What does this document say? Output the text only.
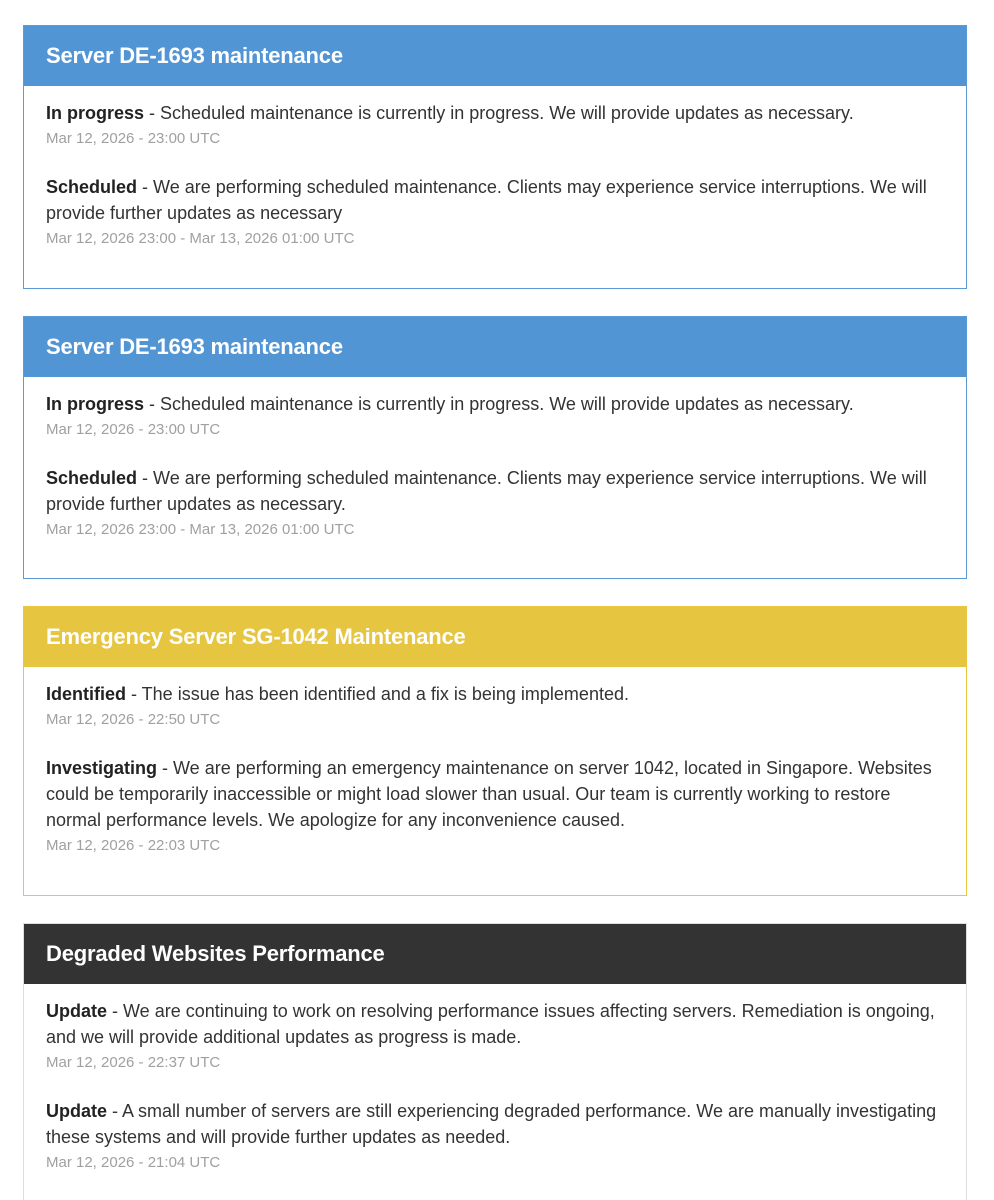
Server DE-1693 maintenance
In progress - Scheduled maintenance is currently in progress. We will provide updates as necessary.
Mar 12, 2026 - 23:00 UTC
Scheduled - We are performing scheduled maintenance. Clients may experience service interruptions. We will provide further updates as necessary
Mar 12, 2026 23:00 - Mar 13, 2026 01:00 UTC
Server DE-1693 maintenance
In progress - Scheduled maintenance is currently in progress. We will provide updates as necessary.
Mar 12, 2026 - 23:00 UTC
Scheduled - We are performing scheduled maintenance. Clients may experience service interruptions. We will provide further updates as necessary.
Mar 12, 2026 23:00 - Mar 13, 2026 01:00 UTC
Emergency Server SG-1042 Maintenance
Identified - The issue has been identified and a fix is being implemented.
Mar 12, 2026 - 22:50 UTC
Investigating - We are performing an emergency maintenance on server 1042, located in Singapore. Websites could be temporarily inaccessible or might load slower than usual. Our team is currently working to restore normal performance levels. We apologize for any inconvenience caused.
Mar 12, 2026 - 22:03 UTC
Degraded Websites Performance
Update - We are continuing to work on resolving performance issues affecting servers. Remediation is ongoing, and we will provide additional updates as progress is made.
Mar 12, 2026 - 22:37 UTC
Update - A small number of servers are still experiencing degraded performance. We are manually investigating these systems and will provide further updates as needed.
Mar 12, 2026 - 21:04 UTC
